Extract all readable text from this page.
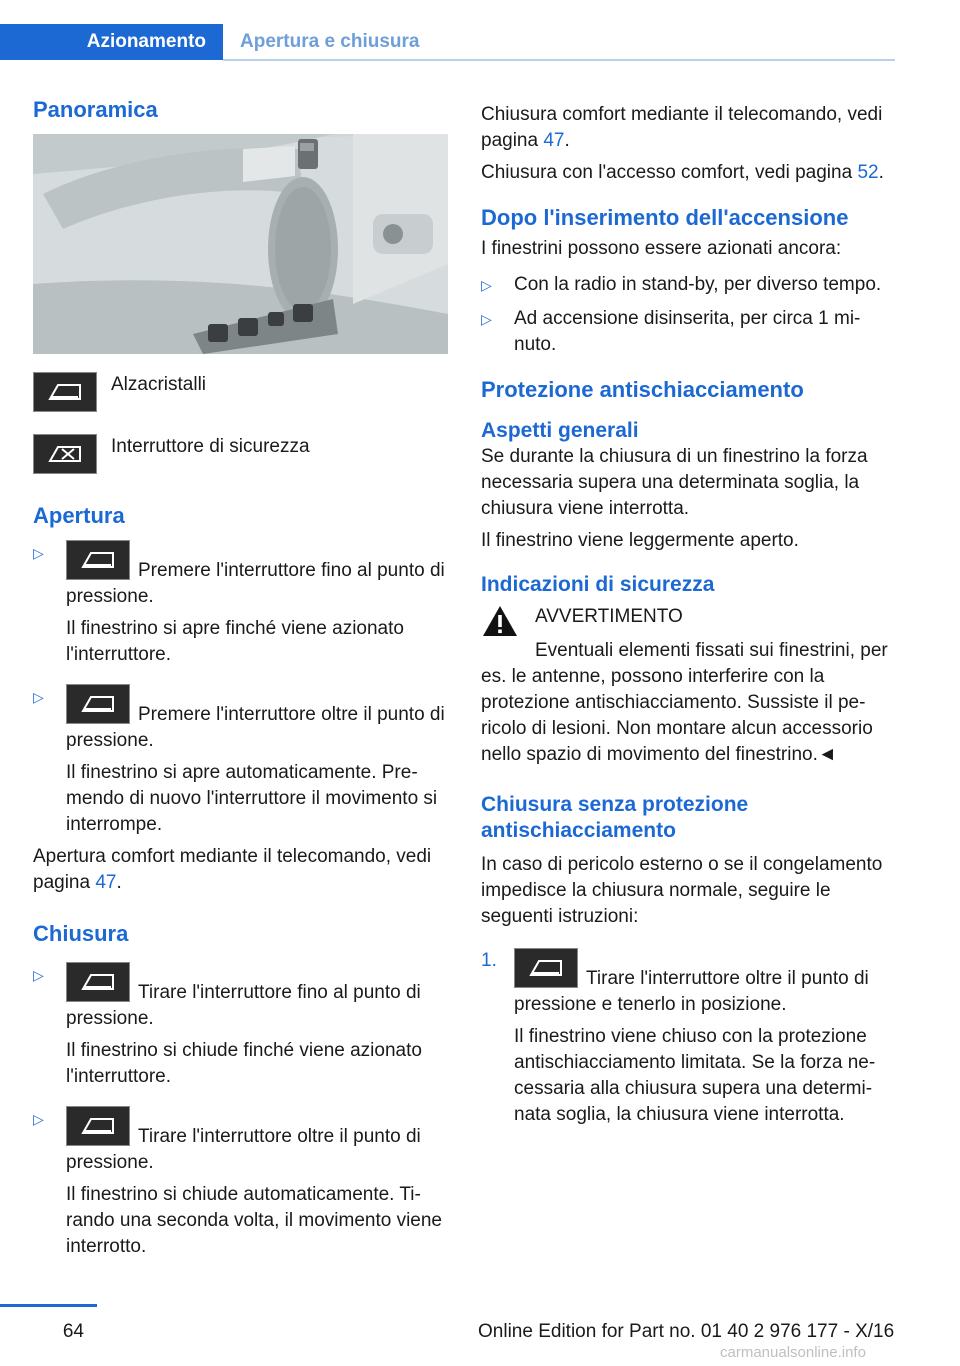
Azionamento	Apertura e chiusura
Panoramica
Alzacristalli
Interruttore di sicurezza
Apertura
▷

Premere l'interruttore fino al punto di pressione.

Il finestrino si apre finché viene azionato l'interruttore.

▷

Premere l'interruttore oltre il punto di pressione.

Il finestrino si apre automaticamente. Premendo di nuovo l'interruttore il movimento si interrompe.

Apertura comfort mediante il telecomando, vedi pagina 47.

Chiusura
▷

Tirare l'interruttore fino al punto di pressione.

Il finestrino si chiude finché viene azionato l'interruttore.

▷

Tirare l'interruttore oltre il punto di pressione.

Il finestrino si chiude automaticamente. Tirando una seconda volta, il movimento viene interrotto.

Chiusura comfort mediante il telecomando, vedi pagina 47.

Chiusura con l'accesso comfort, vedi pagina 52.

Dopo l'inserimento dell'accensione

I finestrini possono essere azionati ancora:

▷ Con la radio in stand-by, per diverso tempo.

▷ Ad accensione disinserita, per circa 1 minuto.

Protezione antischiacciamento
Aspetti generali

Se durante la chiusura di un finestrino la forza necessaria supera una determinata soglia, la chiusura viene interrotta.

Il finestrino viene leggermente aperto.

Indicazioni di sicurezza
AVVERTIMENTO

Eventuali elementi fissati sui finestrini, per es. le antenne, possono interferire con la protezione antischiacciamento. Sussiste il pericolo di lesioni. Non montare alcun accessorio nello spazio di movimento del finestrino.◄

Chiusura senza protezione antischiacciamento

In caso di pericolo esterno o se il congelamento impedisce la chiusura normale, seguire le seguenti istruzioni:

1.

Tirare l'interruttore oltre il punto di pressione e tenerlo in posizione.

Il finestrino viene chiuso con la protezione antischiacciamento limitata. Se la forza necessaria alla chiusura supera una determinata soglia, la chiusura viene interrotta.

64	Online Edition for Part no. 01 40 2 976 177 - X/16
carmanualsonline.info
